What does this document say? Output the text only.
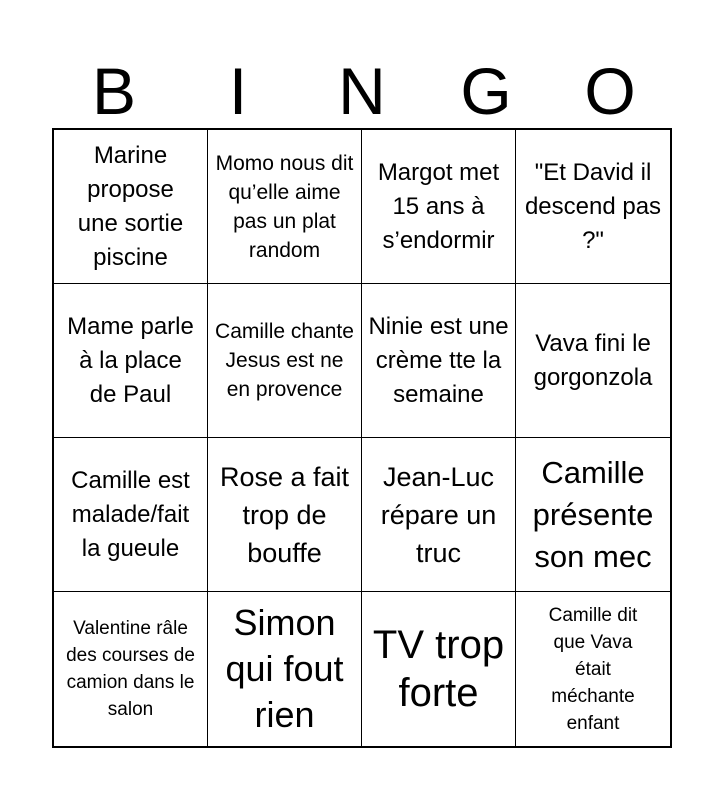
B	I	N	G	O
Marine propose une sortie piscine
Momo nous dit qu’elle aime pas un plat random
Margot met 15 ans à s’endormir
"Et David il descend pas ?"
Mame parle à la place de Paul
Camille chante Jesus est ne en provence
Ninie est une crème tte la semaine
Vava fini le gorgonzola
Camille est malade/fait la gueule
Rose a fait trop de bouffe
Jean-Luc répare un truc
Camille présente son mec
Valentine râle des courses de camion dans le salon
Simon qui fout rien
TV trop forte
Camille dit que Vava était méchante enfant
